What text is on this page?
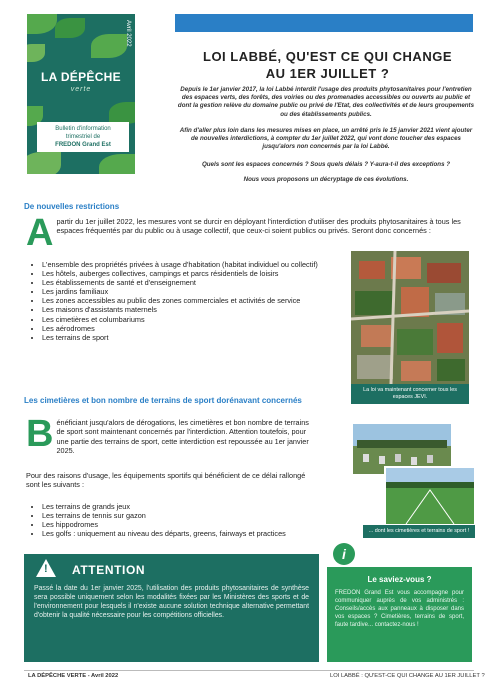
Avril 2022
LA DÉPÊCHE
verte
Bulletin d'information
trimestriel de
FREDON Grand Est
LOI LABBÉ, QU'EST CE QUI CHANGE
AU 1ER JUILLET ?
Depuis le 1er janvier 2017, la loi Labbé interdit l'usage des produits phytosanitaires pour l'entretien des espaces verts, des forêts, des voiries ou des promenades accessibles ou ouverts au public et dont la gestion relève du domaine public ou privé de l'Etat, des collectivités et de leurs groupements ou des établissements publics.
Afin d'aller plus loin dans les mesures mises en place, un arrêté pris le 15 janvier 2021 vient ajouter de nouvelles interdictions, à compter du 1er juillet 2022, qui vont donc toucher des espaces jusqu'alors non concernés par la loi Labbé.
Quels sont les espaces concernés ? Sous quels délais ? Y-aura-t-il des exceptions ?
Nous vous proposons un décryptage de ces évolutions.
De nouvelles restrictions
A partir du 1er juillet 2022, les mesures vont se durcir en déployant l'interdiction d'utiliser des produits phytosanitaires à tous les espaces fréquentés par du public ou à usage collectif, que ceux-ci soient publics ou privés. Seront donc concernés :
• L'ensemble des propriétés privées à usage d'habitation (habitat individuel ou collectif)
• Les hôtels, auberges collectives, campings et parcs résidentiels de loisirs
• Les établissements de santé et d'enseignement
• Les jardins familiaux
• Les zones accessibles au public des zones commerciales et activités de service
• Les maisons d'assistants maternels
• Les cimetières et columbariums
• Les aérodromes
• Les terrains de sport
La loi va maintenant concerner tous les espaces JEVI.
Les cimetières et bon nombre de terrains de sport dorénavant concernés
B énéficiant jusqu'alors de dérogations, les cimetières et bon nombre de terrains de sport sont maintenant concernés par l'interdiction. Attention toutefois, pour une partie des terrains de sport, cette interdiction est repoussée au 1er janvier 2025.
Pour des raisons d'usage, les équipements sportifs qui bénéficient de ce délai rallongé sont les suivants :
• Les terrains de grands jeux
• Les terrains de tennis sur gazon
• Les hippodromes
• Les golfs : uniquement au niveau des départs, greens, fairways et practices	... dont les cimetières et terrains de sport !
! ATTENTION
Passé la date du 1er janvier 2025, l'utilisation des produits phytosanitaires de synthèse sera possible uniquement selon les modalités fixées par les Ministères des sports et de l'environnement pour lesquels il n'existe aucune solution technique alternative permettant d'obtenir la qualité nécessaire pour les compétitions officielles.
i
Le saviez-vous ?
FREDON Grand Est vous accompagne pour communiquer auprès de vos administrés : Conseils/accès aux panneaux à disposer dans vos espaces ? Cimetières, terrains de sport, faute tardive... contactez-nous !
LA DÉPÊCHE VERTE - Avril 2022	LOI LABBÉ : QU'EST-CE QUI CHANGE AU 1ER JUILLET ?
